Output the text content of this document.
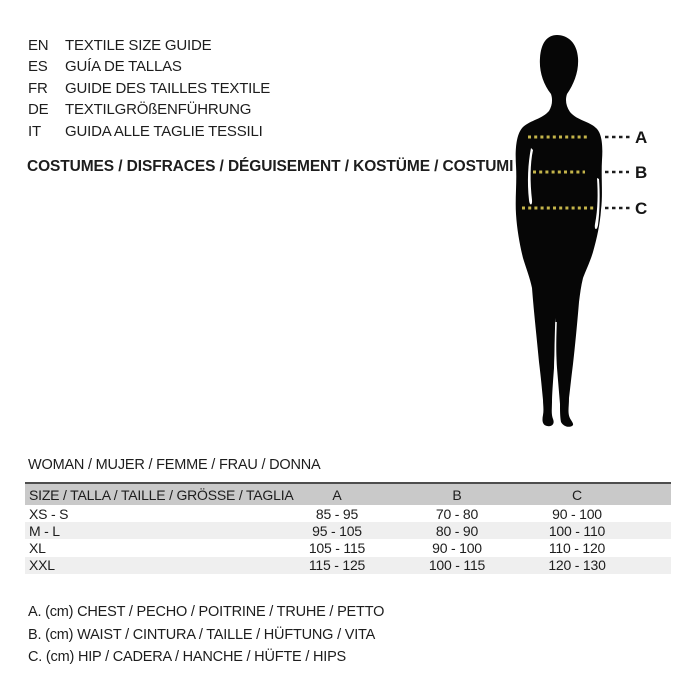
EN TEXTILE SIZE GUIDE
ES GUÍA DE TALLAS
FR GUIDE DES TAILLES TEXTILE
DE TEXTILGRÖßENFÜHRUNG
IT GUIDA ALLE TAGLIE TESSILI
COSTUMES / DISFRACES / DÉGUISEMENT / KOSTÜME / COSTUMI
A
B
C
WOMAN / MUJER / FEMME / FRAU / DONNA
SIZE / TALLA / TAILLE / GRÖSSE / TAGLIA	A	B	C
XS - S	85 - 95	70 - 80	90 - 100
M - L	95 - 105	80 - 90	100 - 110
XL	105 - 115	90 - 100	110 - 120
XXL	115 - 125	100 - 115	120 - 130
A. (cm) CHEST / PECHO / POITRINE / TRUHE / PETTO
B. (cm) WAIST / CINTURA / TAILLE / HÜFTUNG / VITA
C. (cm) HIP / CADERA / HANCHE / HÜFTE / HIPS
